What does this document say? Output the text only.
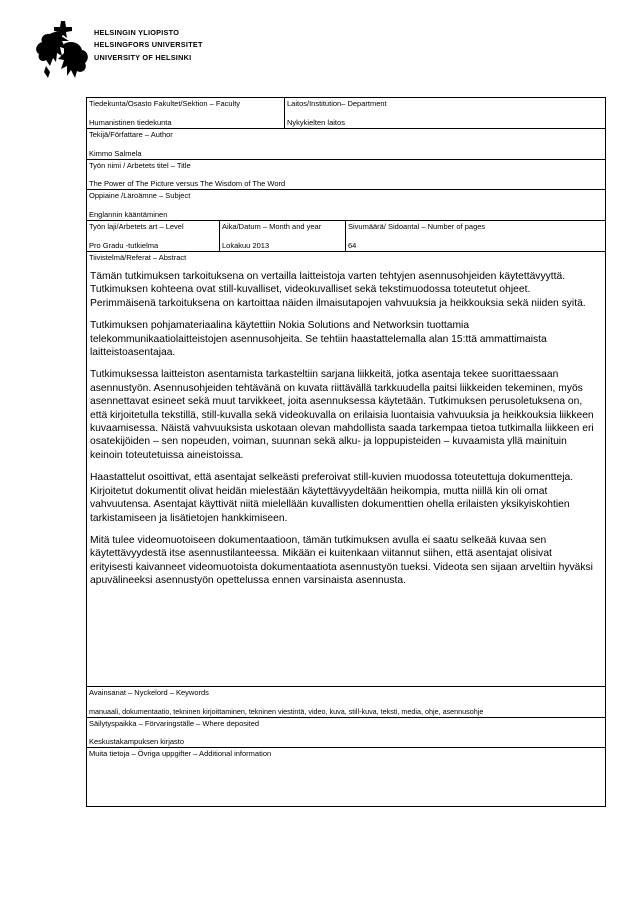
HELSINGIN YLIOPISTO
HELSINGFORS UNIVERSITET
UNIVERSITY OF HELSINKI
Tiedekunta/Osasto Fakultet/Sektion – Faculty
Humanistinen tiedekunta
Laitos/Institution– Department
Nykykielten laitos
Tekijä/Författare – Author
Kimmo Salmela
Työn nimi / Arbetets titel – Title
The Power of The Picture versus The Wisdom of The Word
Oppiaine /Läroämne – Subject
Englannin kääntäminen
Työn laji/Arbetets art – Level
Pro Gradu -tutkielma
Aika/Datum – Month and year
Lokakuu 2013
Sivumäärä/ Sidoantal – Number of pages
64
Tiivistelmä/Referat – Abstract

Tämän tutkimuksen tarkoituksena on vertailla laitteistoja varten tehtyjen asennusohjeiden käytettävyyttä. Tutkimuksen kohteena ovat still-kuvalliset, videokuvalliset sekä tekstimuodossa toteutetut ohjeet. Perimmäisenä tarkoituksena on kartoittaa näiden ilmaisutapojen vahvuuksia ja heikkouksia sekä niiden syitä.

Tutkimuksen pohjamateriaalina käytettiin Nokia Solutions and Networksin tuottamia telekommunikaatiolaitteistojen asennusohjeita. Se tehtiin haastattelemalla alan 15:ttä ammattimaista laitteistoasentajaa.

Tutkimuksessa laitteiston asentamista tarkasteltiin sarjana liikkeitä, jotka asentaja tekee suorittaessaan asennustyön. Asennusohjeiden tehtävänä on kuvata riittävällä tarkkuudella paitsi liikkeiden tekeminen, myös asennettavat esineet sekä muut tarvikkeet, joita asennuksessa käytetään. Tutkimuksen perusoletuksena on, että kirjoitetulla tekstillä, still-kuvalla sekä videokuvalla on erilaisia luontaisia vahvuuksia ja heikkouksia liikkeen kuvaamisessa. Näistä vahvuuksista uskotaan olevan mahdollista saada tarkempaa tietoa tutkimalla liikkeen eri osatekijöiden – sen nopeuden, voiman, suunnan sekä alku- ja loppupisteiden – kuvaamista yllä mainituin keinoin toteutetuissa aineistoissa.

Haastattelut osoittivat, että asentajat selkeästi preferoivat still-kuvien muodossa toteutettuja dokumentteja. Kirjoitetut dokumentit olivat heidän mielestään käytettävyydeltään heikompia, mutta niillä kin oli omat vahvuutensa. Asentajat käyttivät niitä mielellään kuvallisten dokumenttien ohella erilaisten yksikyiskohtien tarkistamiseen ja lisätietojen hankkimiseen.

Mitä tulee videomuotoiseen dokumentaatioon, tämän tutkimuksen avulla ei saatu selkeää kuvaa sen käytettävyydestä itse asennustilanteessa. Mikään ei kuitenkaan viitannut siihen, että asentajat olisivat erityisesti kaivanneet videomuotoista dokumentaatiota asennustyön tueksi. Videota sen sijaan arveltiin hyväksi apuvälineeksi asennustyön opettelussa ennen varsinaista asennusta.

Avainsanat – Nyckelord – Keywords
manuaali, dokumentaatio, tekninen kirjoittaminen, tekninen viestintä, video, kuva, still-kuva, teksti, media, ohje, asennusohje
Säilytyspaikka – Förvaringställe – Where deposited
Keskustakampuksen kirjasto
Muita tietoja – Övriga uppgifter – Additional information
